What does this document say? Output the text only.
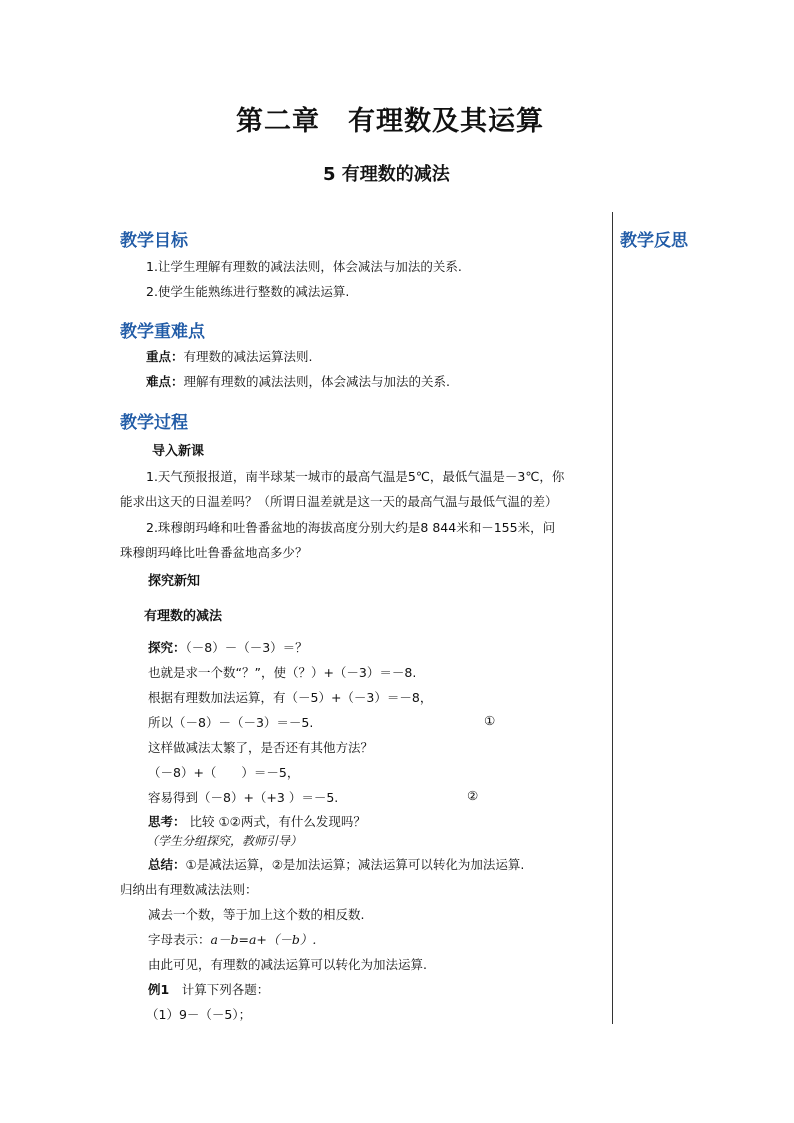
第二章　有理数及其运算
5 有理数的减法
教学反思
教学目标
1.让学生理解有理数的减法法则，体会减法与加法的关系.
2.使学生能熟练进行整数的减法运算.
教学重难点
重点：有理数的减法运算法则.
难点：理解有理数的减法法则，体会减法与加法的关系.
教学过程
导入新课
1.天气预报报道，南半球某一城市的最高气温是5℃，最低气温是－3℃，你
能求出这天的日温差吗？（所谓日温差就是这一天的最高气温与最低气温的差）
2.珠穆朗玛峰和吐鲁番盆地的海拔高度分别大约是8 844米和－155米，问
珠穆朗玛峰比吐鲁番盆地高多少？
探究新知
有理数的减法
探究：（－8）－（－3）＝？
也就是求一个数“？”，使（？）+（－3）＝－8.
根据有理数加法运算，有（－5）+（－3）＝－8，
所以（－8）－（－3）＝－5.	①
这样做减法太繁了，是否还有其他方法？
（－8）+（　　）＝－5，
容易得到（－8）+（+3 ）＝－5.	②
思考： 比较 ①②两式，有什么发现吗？
（学生分组探究，教师引导）
总结：①是减法运算，②是加法运算；减法运算可以转化为加法运算.
归纳出有理数减法法则：
减去一个数，等于加上这个数的相反数.
字母表示：a－b=a+（－b）.
由此可见，有理数的减法运算可以转化为加法运算.
例1　计算下列各题：
（1）9－（－5）；
